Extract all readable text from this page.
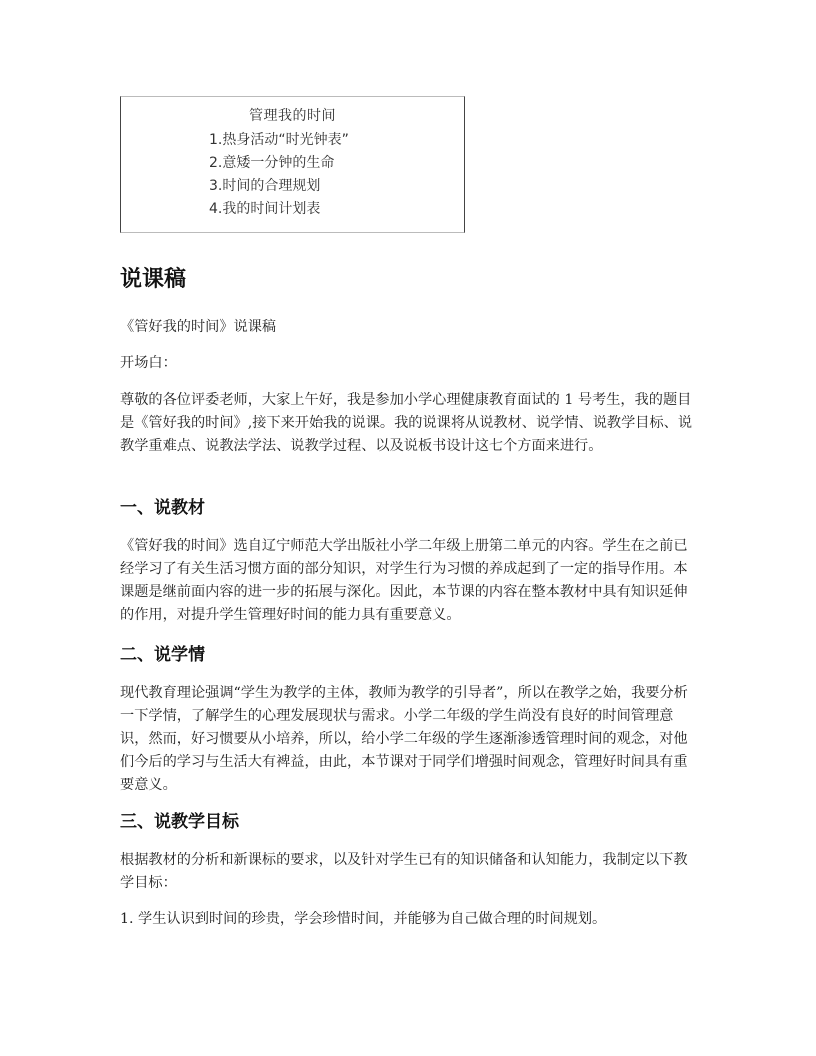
管理我的时间
1.热身活动“时光钟表”
2.意矮一分钟的生命
3.时间的合理规划
4.我的时间计划表
说课稿
《管好我的时间》说课稿
开场白：
尊敬的各位评委老师，大家上午好，我是参加小学心理健康教育面试的 1 号考生，我的题目是《管好我的时间》,接下来开始我的说课。我的说课将从说教材、说学情、说教学目标、说教学重难点、说教法学法、说教学过程、以及说板书设计这七个方面来进行。
一、说教材
《管好我的时间》选自辽宁师范大学出版社小学二年级上册第二单元的内容。学生在之前已经学习了有关生活习惯方面的部分知识，对学生行为习惯的养成起到了一定的指导作用。本课题是继前面内容的进一步的拓展与深化。因此，本节课的内容在整本教材中具有知识延伸的作用，对提升学生管理好时间的能力具有重要意义。
二、说学情
现代教育理论强调“学生为教学的主体，教师为教学的引导者”，所以在教学之始，我要分析一下学情，了解学生的心理发展现状与需求。小学二年级的学生尚没有良好的时间管理意识，然而，好习惯要从小培养，所以，给小学二年级的学生逐渐渗透管理时间的观念，对他们今后的学习与生活大有裨益，由此，本节课对于同学们增强时间观念，管理好时间具有重要意义。
三、说教学目标
根据教材的分析和新课标的要求，以及针对学生已有的知识储备和认知能力，我制定以下教学目标：
1. 学生认识到时间的珍贵，学会珍惜时间，并能够为自己做合理的时间规划。
